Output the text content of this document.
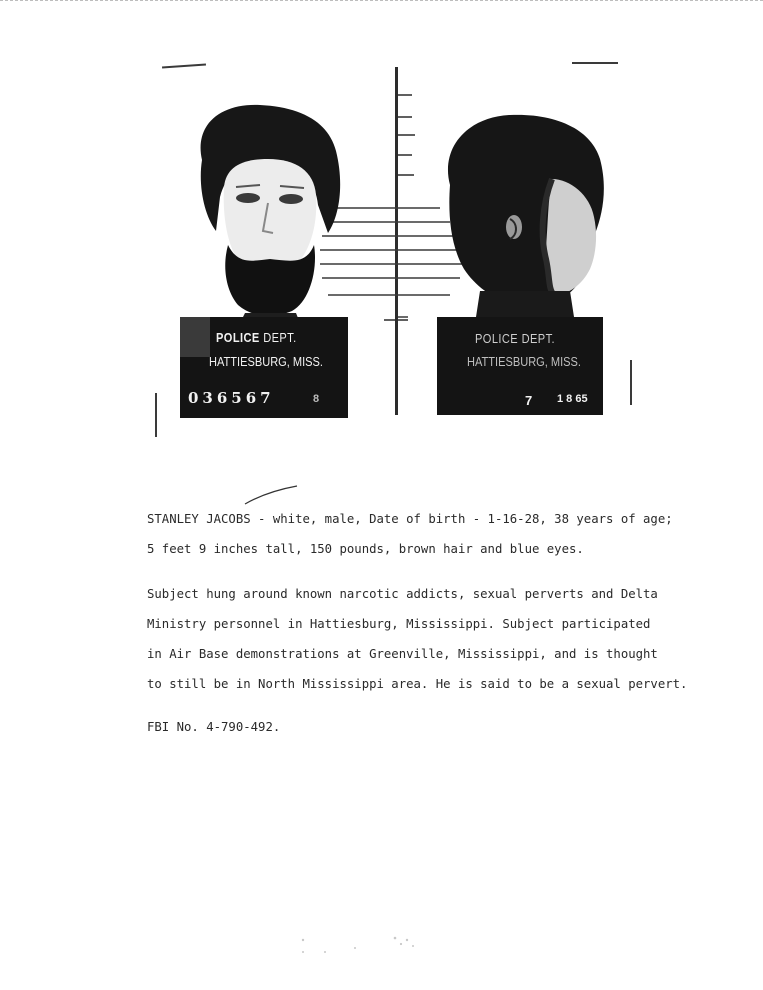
POLICE DEPT.
HATTIESBURG, MISS.
036567	8
POLICE DEPT.
HATTIESBURG, MISS.
7 1 8 65

STANLEY JACOBS - white, male, Date of birth - 1-16-28, 38 years of age;

5 feet 9 inches tall, 150 pounds, brown hair and blue eyes.

Subject hung around known narcotic addicts, sexual perverts and Delta

Ministry personnel in Hattiesburg, Mississippi. Subject participated

in Air Base demonstrations at Greenville, Mississippi, and is thought

to still be in North Mississippi area. He is said to be a sexual pervert.

FBI No. 4-790-492.
